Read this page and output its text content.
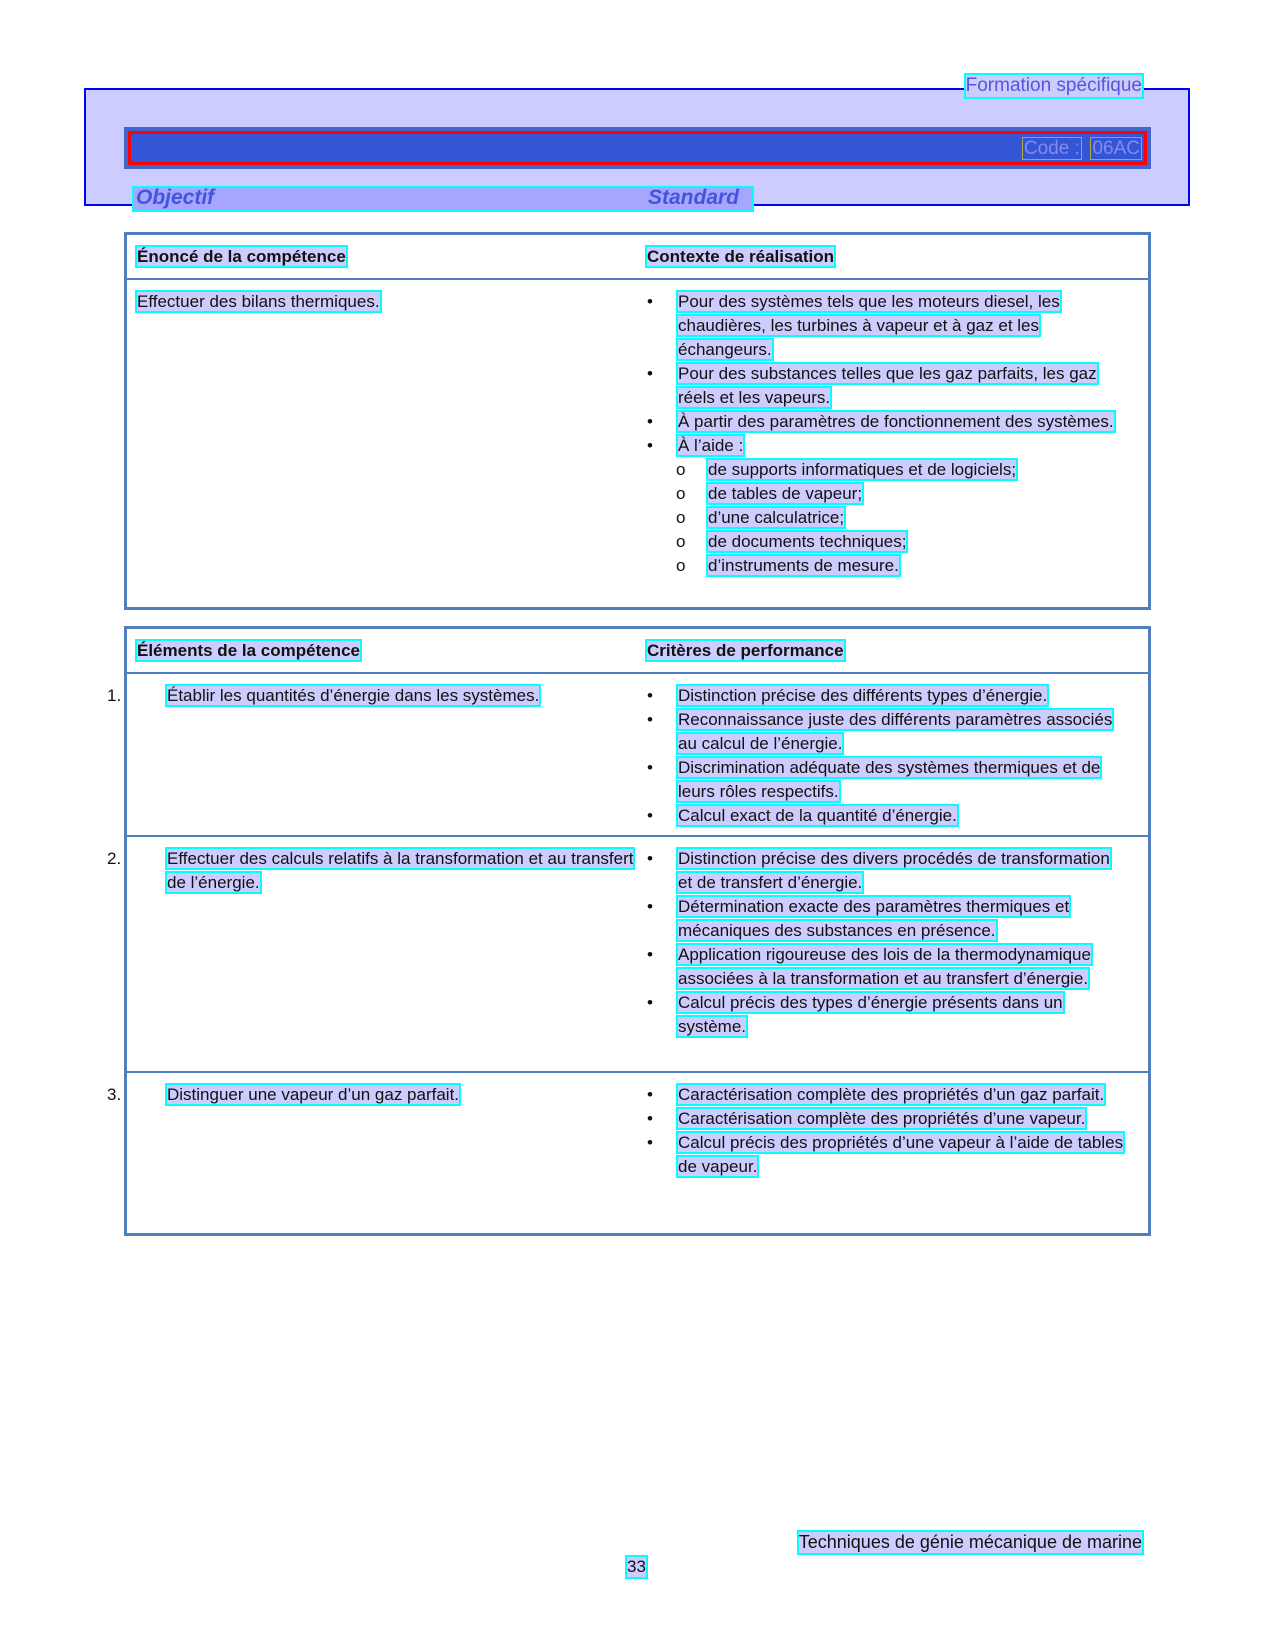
Formation spécifique
Code : 06AC
Objectif	Standard
Énoncé de la compétence	Contexte de réalisation
Effectuer des bilans thermiques.	• Pour des systèmes tels que les moteurs diesel, les chaudières, les turbines à vapeur et à gaz et les échangeurs.
• Pour des substances telles que les gaz parfaits, les gaz réels et les vapeurs.
• À partir des paramètres de fonctionnement des systèmes.
• À l’aide :
o de supports informatiques et de logiciels;
o de tables de vapeur;
o d’une calculatrice;
o de documents techniques;
o d’instruments de mesure.
Éléments de la compétence	Critères de performance
1.	Établir les quantités d’énergie dans les systèmes.	• Distinction précise des différents types d’énergie.
• Reconnaissance juste des différents paramètres associés au calcul de l’énergie.
• Discrimination adéquate des systèmes thermiques et de leurs rôles respectifs.
• Calcul exact de la quantité d’énergie.
2.	Effectuer des calculs relatifs à la transformation et au transfert de l’énergie.
• Distinction précise des divers procédés de transformation et de transfert d’énergie.
• Détermination exacte des paramètres thermiques et mécaniques des substances en présence.
• Application rigoureuse des lois de la thermodynamique associées à la transformation et au transfert d’énergie.
• Calcul précis des types d’énergie présents dans un système.
3.	Distinguer une vapeur d’un gaz parfait.	• Caractérisation complète des propriétés d’un gaz parfait.
• Caractérisation complète des propriétés d’une vapeur.
• Calcul précis des propriétés d’une vapeur à l’aide de tables de vapeur.
Techniques de génie mécanique de marine
33
